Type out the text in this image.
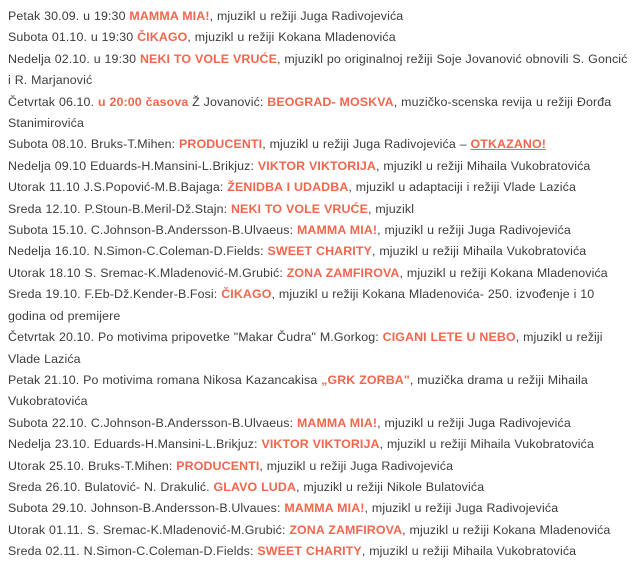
Petak 30.09. u 19:30 MAMMA MIA!, mjuzikl u režiji Juga Radivojevića

Subota 01.10. u 19:30 ČIKAGO, mjuzikl u režiji Kokana Mladenovića

Nedelja 02.10. u 19:30 NEKI TO VOLE VRUĆE, mjuzikl po originalnoj režiji Soje Jovanović obnovili S. Goncić i R. Marjanović

Četvrtak 06.10. u 20:00 časova Ž Jovanović: BEOGRAD- MOSKVA, muzičko-scenska revija u režiji Đorđa Stanimirovića

Subota 08.10. Bruks-T.Mihen: PRODUCENTI, mjuzikl u režiji Juga Radivojevića – OTKAZANO!

Nedelja 09.10 Eduards-H.Mansini-L.Brikjuz: VIKTOR VIKTORIJA, mjuzikl u režiji Mihaila Vukobratovića

Utorak 11.10 J.S.Popović-M.B.Bajaga: ŽENIDBA I UDADBA, mjuzikl u adaptaciji i režiji Vlade Lazića

Sreda 12.10. P.Stoun-B.Meril-Dž.Stajn: NEKI TO VOLE VRUĆE, mjuzikl

Subota 15.10. C.Johnson-B.Andersson-B.Ulvaeus: MAMMA MIA!, mjuzikl u režiji Juga Radivojevića

Nedelja 16.10. N.Simon-C.Coleman-D.Fields: SWEET CHARITY, mjuzikl u režiji Mihaila Vukobratovića

Utorak 18.10 S. Sremac-K.Mladenović-M.Grubić: ZONA ZAMFIROVA, mjuzikl u režiji Kokana Mladenovića

Sreda 19.10. F.Eb-Dž.Kender-B.Fosi: ČIKAGO, mjuzikl u režiji Kokana Mladenovića- 250. izvođenje i 10 godina od premijere

Četvrtak 20.10. Po motivima pripovetke "Makar Čudra" M.Gorkog: CIGANI LETE U NEBO, mjuzikl u režiji Vlade Lazića

Petak 21.10. Po motivima romana Nikosa Kazancakisa „GRK ZORBA", muzička drama u režiji Mihaila Vukobratovića

Subota 22.10. C.Johnson-B.Andersson-B.Ulvaeus: MAMMA MIA!, mjuzikl u režiji Juga Radivojevića

Nedelja 23.10. Eduards-H.Mansini-L.Brikjuz: VIKTOR VIKTORIJA, mjuzikl u režiji Mihaila Vukobratovića

Utorak 25.10. Bruks-T.Mihen: PRODUCENTI, mjuzikl u režiji Juga Radivojevića

Sreda 26.10. Bulatović- N. Drakulić. GLAVO LUDA, mjuzikl u režiji Nikole Bulatovića

Subota 29.10. Johnson-B.Andersson-B.Ulvaues: MAMMA MIA!, mjuzikl u režiji Juga Radivojevića

Utorak 01.11. S. Sremac-K.Mladenović-M.Grubić: ZONA ZAMFIROVA, mjuzikl u režiji Kokana Mladenovića

Sreda 02.11. N.Simon-C.Coleman-D.Fields: SWEET CHARITY, mjuzikl u režiji Mihaila Vukobratovića
